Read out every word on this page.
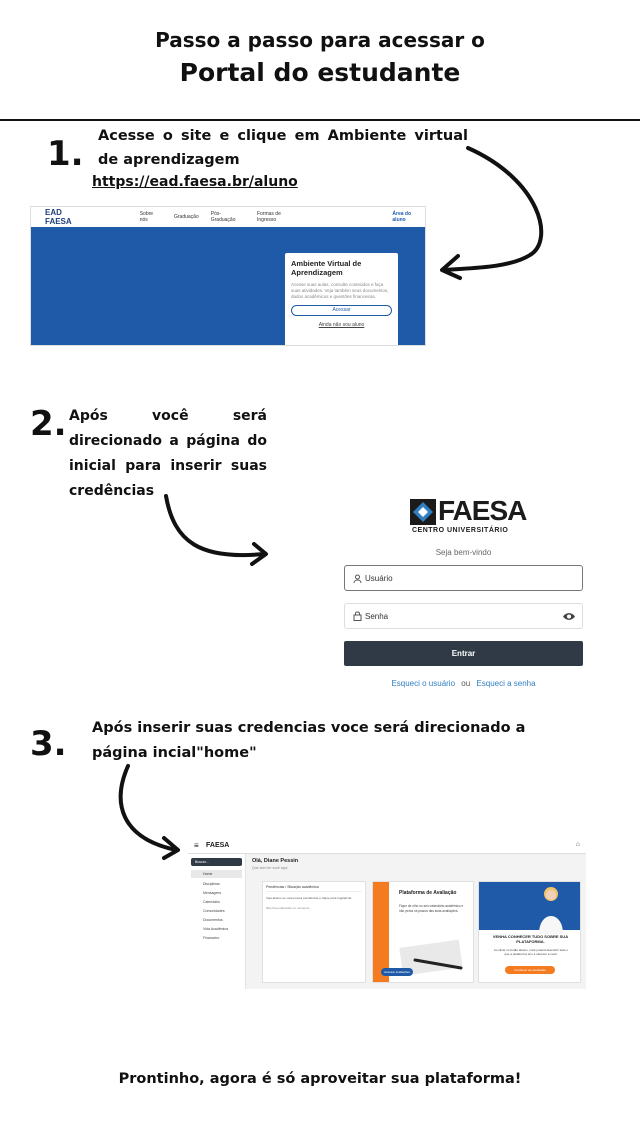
Passo a passo para acessar o
Portal do estudante
1. Acesse o site e clique em Ambiente virtual de aprendizagem
https://ead.faesa.br/aluno
EAD FAESA
Sobre nós	Graduação Pós-Graduação
Formas de Ingresso
Área do aluno
Ambiente Virtual de Aprendizagem
Acesse suas aulas, consulte conteúdos e faça suas atividades. Veja também seus documentos, dados acadêmicos e questões financeiras.
Acessar
Ainda não sou aluno
2. Após você será direcionado a página do inicial para inserir suas credências
FAESA
CENTRO UNIVERSITÁRIO
Seja bem-vindo
Usuário
Senha
Entrar
Esqueci o usuário ou Esqueci a senha
3. Após inserir suas credencias voce será direcionado a página incial"home"
≡ FAESA	⌂
Buscar...
Home
Disciplinas
Mensagens
Calendário
Comunidades
Documentos
Vida Acadêmica
Financeiro
Olá, Diane Pessin
Que bom ter você aqui
Pendências / Situação acadêmica
Veja abaixo se você possui pendências e clique para regularizar.
Não há pendências no momento
Plataforma de Avaliação
Fique de olho no seu calendário acadêmico e não perca os prazos das suas avaliações.
Acessar avaliações
VENHA CONHECER TUDO SOBRE SUA PLATAFORMA.
Ao clicar no botão abaixo, você poderá descobrir tudo o que a plataforma tem a oferecer a você.
Conhecer as novidades
Prontinho, agora é só aproveitar sua plataforma!
